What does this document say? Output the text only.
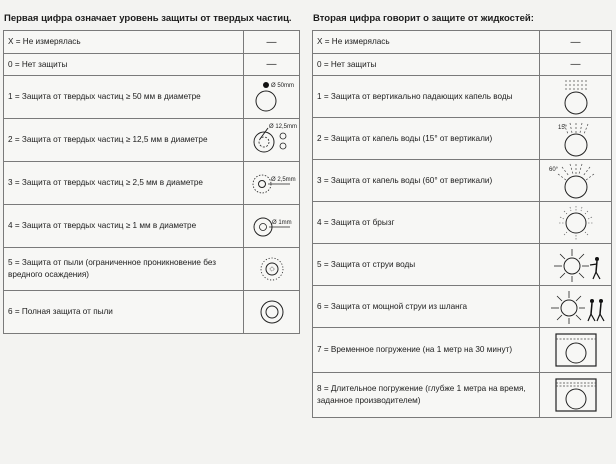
Первая цифра означает уровень защиты от твердых частиц.
X = Не измерялась	—

0 = Нет защиты	—

1 = Защита от твердых частиц ≥ 50 мм в диаметре	Ø 50mm

2 = Защита от твердых частиц ≥ 12,5 мм в диаметре	Ø 12,5mm

3 = Защита от твердых частиц ≥ 2,5 мм в диаметре	Ø 2,5mm

4 = Защита от твердых частиц ≥ 1 мм в диаметре	Ø 1mm

5 = Защита от пыли (ограниченное проникновение без вредного осаждения)	

6 = Полная защита от пыли	
Вторая цифра говорит о защите от жидкостей:
X = Не измерялась	—

0 = Нет защиты	—

1 = Защита от вертикально падающих капель воды	

2 = Защита от капель воды (15° от вертикали)	15°

3 = Защита от капель воды (60° от вертикали)	60°

4 = Защита от брызг	

5 = Защита от струи воды	

6 = Защита от мощной струи из шланга	

7 = Временное погружение (на 1 метр на 30 минут)	

8 = Длительное погружение (глубже 1 метра на время, заданное производителем)	
